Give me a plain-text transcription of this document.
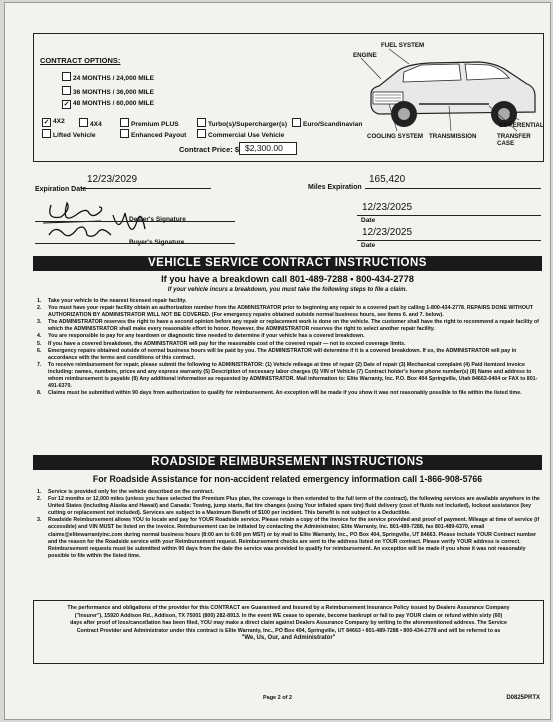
CONTRACT OPTIONS:
24 MONTHS / 24,000 MILE
36 MONTHS / 36,000 MILE
✓ 48 MONTHS / 60,000 MILE
✓ 4X2	4X4	Premium PLUS	Turbo(s)/Supercharger(s)	Euro/Scandinavian
Lifted Vehicle	Enhanced Payout	Commercial Use Vehicle
Contract Price: $ $2,300.00
FUEL SYSTEM
ENGINE
COOLING SYSTEM TRANSMISSION
DIFFERENTIAL
TRANSFER CASE
12/23/2029
Expiration Date
165,420
Miles Expiration
Dealer's Signature
Buyer's Signature
12/23/2025
Date
12/23/2025
Date
VEHICLE SERVICE CONTRACT INSTRUCTIONS
If you have a breakdown call 801-489-7288 • 800-434-2778
If your vehicle incurs a breakdown, you must take the following steps to file a claim.
1. Take your vehicle to the nearest licensed repair facility.
2. You must have your repair facility obtain an authorization number from the ADMINISTRATOR prior to beginning any repair to a covered part by calling 1-800-434-2778. REPAIRS DONE WITHOUT AUTHORIZATION BY ADMINISTRATOR WILL NOT BE COVERED. (For emergency repairs obtained outside normal business hours, see items 6. and 7. below).
3. The ADMINISTRATOR reserves the right to have a second opinion before any repair or replacement work is done on the vehicle. The customer shall have the right to recommend a repair facility of which the ADMINISTRATOR shall make every reasonable effort to honor. However, the ADMINISTRATOR reserves the right to select another repair facility.
4. You are responsible to pay for any teardown or diagnostic time needed to determine if your vehicle has a covered breakdown.
5. If you have a covered breakdown, the ADMINISTRATOR will pay for the reasonable cost of the covered repair — not to exceed coverage limits.
6. Emergency repairs obtained outside of normal business hours will be paid by you. The ADMINISTRATOR will determine if it is a covered breakdown. If so, the ADMINISTRATOR will pay in accordance with the terms and conditions of this contract.
7. To receive reimbursement for repair, please submit the following to ADMINISTRATOR: (1) Vehicle mileage at time of repair (2) Date of repair (3) Mechanical complaint (4) Paid itemized invoice including: names, numbers, prices and any express warranty (5) Description of necessary labor charges (6) VIN of Vehicle (7) Contract holder's home phone number(s) (8) Name and address to whom reimbursement is payable (9) Any additional information as requested by ADMINISTRATOR. Mail information to: Elite Warranty, Inc. P.O. Box 404 Springville, Utah 84663-0404 or FAX to 801-491-6370.
8. Claims must be submitted within 90 days from authorization to qualify for reimbursement. An exception will be made if you show it was not reasonably possible to file within the listed time.
ROADSIDE REIMBURSEMENT INSTRUCTIONS
For Roadside Assistance for non-accident related emergency information call 1-866-908-5766
1. Service is provided only for the vehicle described on the contract.
2. For 12 months or 12,000 miles (unless you have selected the Premium Plus plan, the coverage is then extended to the full term of the contract), the following services are available anywhere in the United States (including Alaska and Hawaii) and Canada: Towing, jump starts, flat tire changes (using Your inflated spare tire) fluid delivery (cost of fluids not included), lockout assistance (key cutting or replacement not included). Services are subject to a Maximum Benefit of $100 per incident. This benefit is not subject to a Deductible.
3. Roadside Reimbursement allows YOU to locate and pay for YOUR Roadside service. Please retain a copy of the invoice for the service provided and proof of payment. Mileage at time of service (if accessible) and VIN MUST be listed on the invoice. Reimbursement can be initiated by contacting the Administrator, Elite Warranty, Inc. 801-489-7288, fax 801-489-6370, email claims@elitewarrantyinc.com during normal business hours (8:00 am to 6:00 pm MST) or by mail to Elite Warranty, Inc., PO Box 404, Springville, UT 84663. Please include YOUR Contract number and the reason for the Roadside service with your Reimbursement request. Reimbursement checks are sent to the address listed on YOUR contract. Please verify YOUR address is correct. Reimbursement requests must be submitted within 90 days from the date the service was provided to qualify for reimbursement. An exception will be made if you show it was not reasonably possible to file within the listed time.
The performance and obligations of the provider for this CONTRACT are Guaranteed and Insured by a Reimbursement Insurance Policy issued by Dealers Assurance Company
("Insurer"), 15920 Addison Rd., Addison, TX 75001 (800) 282-8913. In the event WE cease to operate, become bankrupt or fail to pay YOUR claim or refund within sixty (60)
days after proof of loss/cancellation has been filed, YOU may make a direct claim against Dealers Assurance Company by writing to the aforementioned address. The Service
Contract Provider and Administrator under this contract is Elite Warranty, Inc., PO Box 404, Springville, UT 84663 • 801-489-7288 • 800-434-2778 and will be referred to as
"We, Us, Our, and Administrator"
Page 2 of 2	D0825PRTX
